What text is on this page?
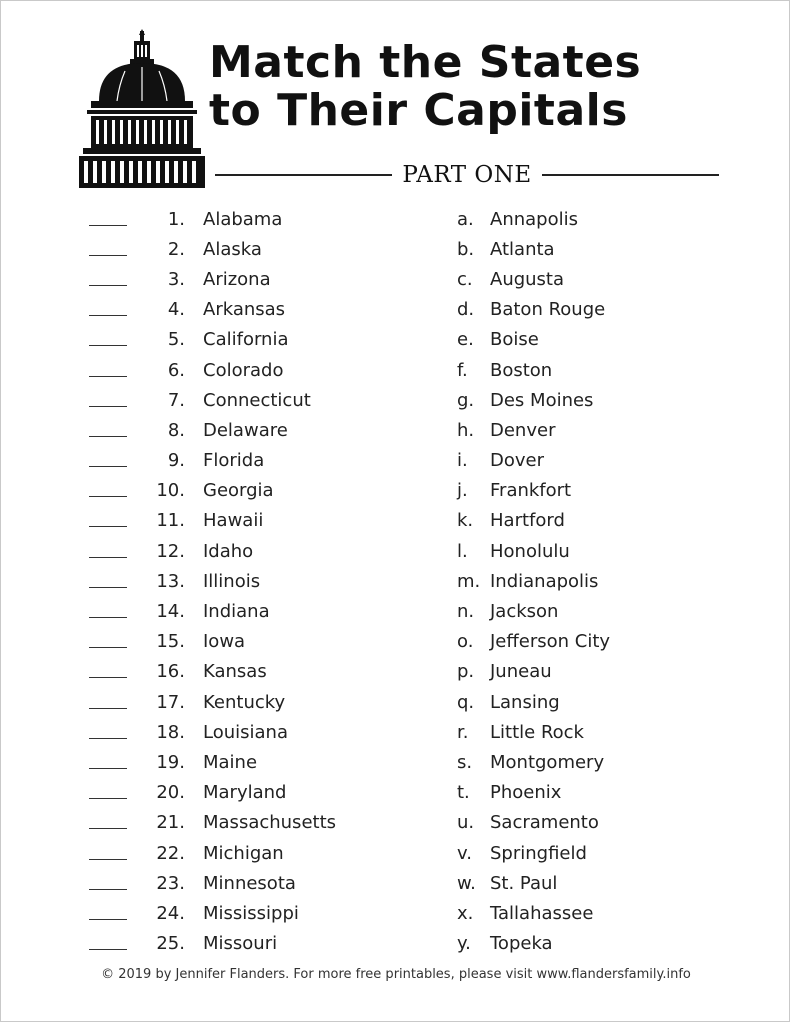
Match the States
to Their Capitals
PART ONE
1.	Alabama
2.	Alaska
3.	Arizona
4.	Arkansas
5.	California
6.	Colorado
7.	Connecticut
8.	Delaware
9.	Florida
10.	Georgia
11.	Hawaii
12.	Idaho
13.	Illinois
14.	Indiana
15.	Iowa
16.	Kansas
17.	Kentucky
18.	Louisiana
19.	Maine
20.	Maryland
21.	Massachusetts
22.	Michigan
23.	Minnesota
24.	Mississippi
25.	Missouri
a. Annapolis
b. Atlanta
c. Augusta
d. Baton Rouge
e. Boise
f.	Boston
g. Des Moines
h. Denver
i.	Dover
j.	Frankfort
k. Hartford
l.	Honolulu
m. Indianapolis
n. Jackson
o. Jefferson City
p. Juneau
q. Lansing
r.	Little Rock
s. Montgomery
t.	Phoenix
u. Sacramento
v.	Springfield
w. St. Paul
x. Tallahassee
y.	Topeka
© 2019 by Jennifer Flanders. For more free printables, please visit www.flandersfamily.info
